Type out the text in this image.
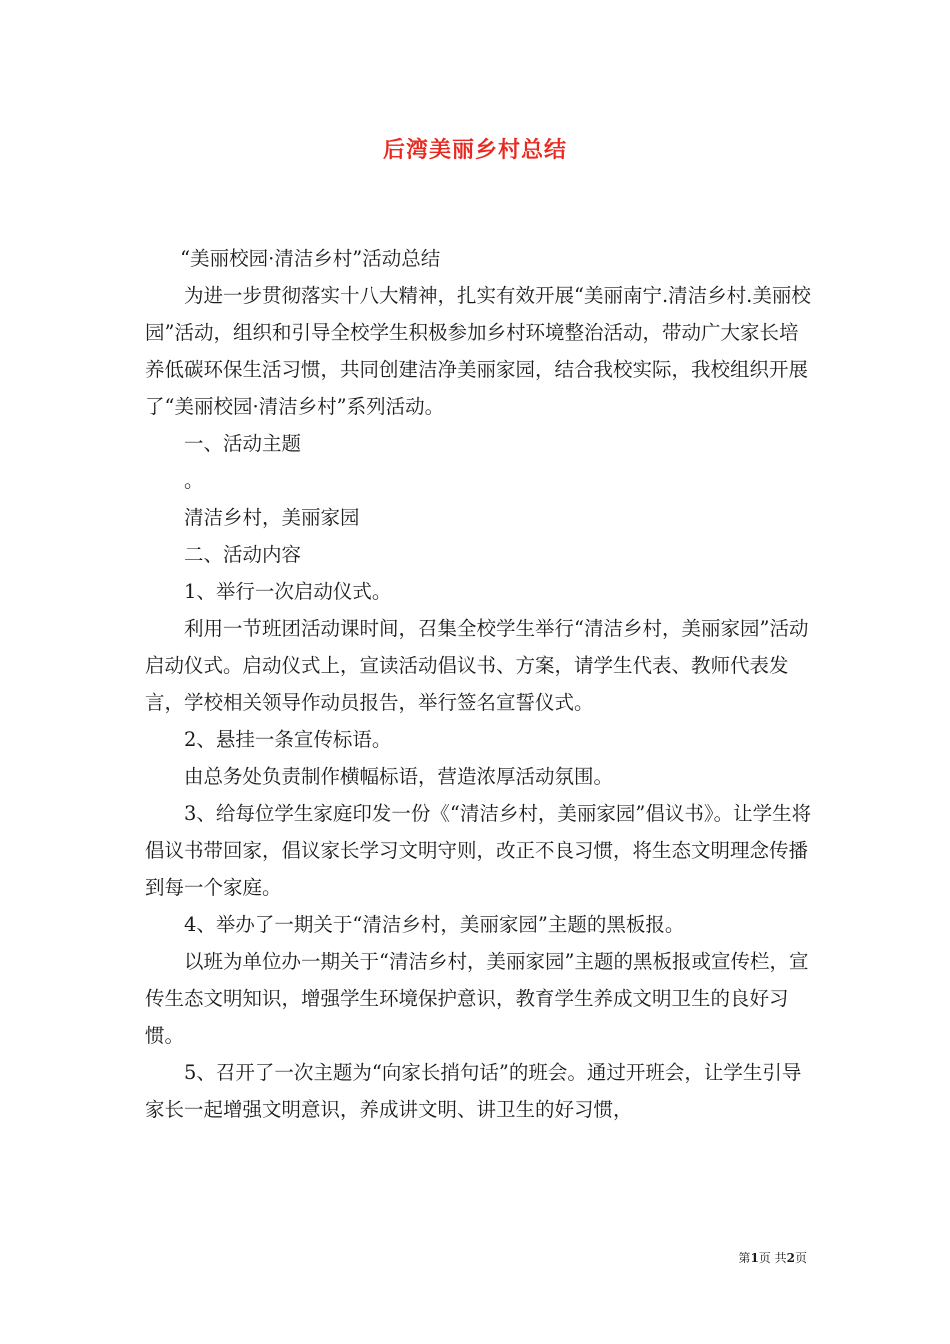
后湾美丽乡村总结

“美丽校园·清洁乡村”活动总结

为进一步贯彻落实十八大精神，扎实有效开展“美丽南宁.清洁乡村.美丽校园”活动，组织和引导全校学生积极参加乡村环境整治活动，带动广大家长培养低碳环保生活习惯，共同创建洁净美丽家园，结合我校实际，我校组织开展了“美丽校园·清洁乡村”系列活动。

一、活动主题

。

清洁乡村，美丽家园

二、活动内容

1、举行一次启动仪式。

利用一节班团活动课时间，召集全校学生举行“清洁乡村，美丽家园”活动启动仪式。启动仪式上，宣读活动倡议书、方案，请学生代表、教师代表发言，学校相关领导作动员报告，举行签名宣誓仪式。

2、悬挂一条宣传标语。

由总务处负责制作横幅标语，营造浓厚活动氛围。

3、给每位学生家庭印发一份《“清洁乡村，美丽家园”倡议书》。让学生将倡议书带回家，倡议家长学习文明守则，改正不良习惯，将生态文明理念传播到每一个家庭。

4、举办了一期关于“清洁乡村，美丽家园”主题的黑板报。

以班为单位办一期关于“清洁乡村，美丽家园”主题的黑板报或宣传栏，宣传生态文明知识，增强学生环境保护意识，教育学生养成文明卫生的良好习惯。

5、召开了一次主题为“向家长捎句话”的班会。通过开班会，让学生引导家长一起增强文明意识，养成讲文明、讲卫生的好习惯，

第1页 共2页
